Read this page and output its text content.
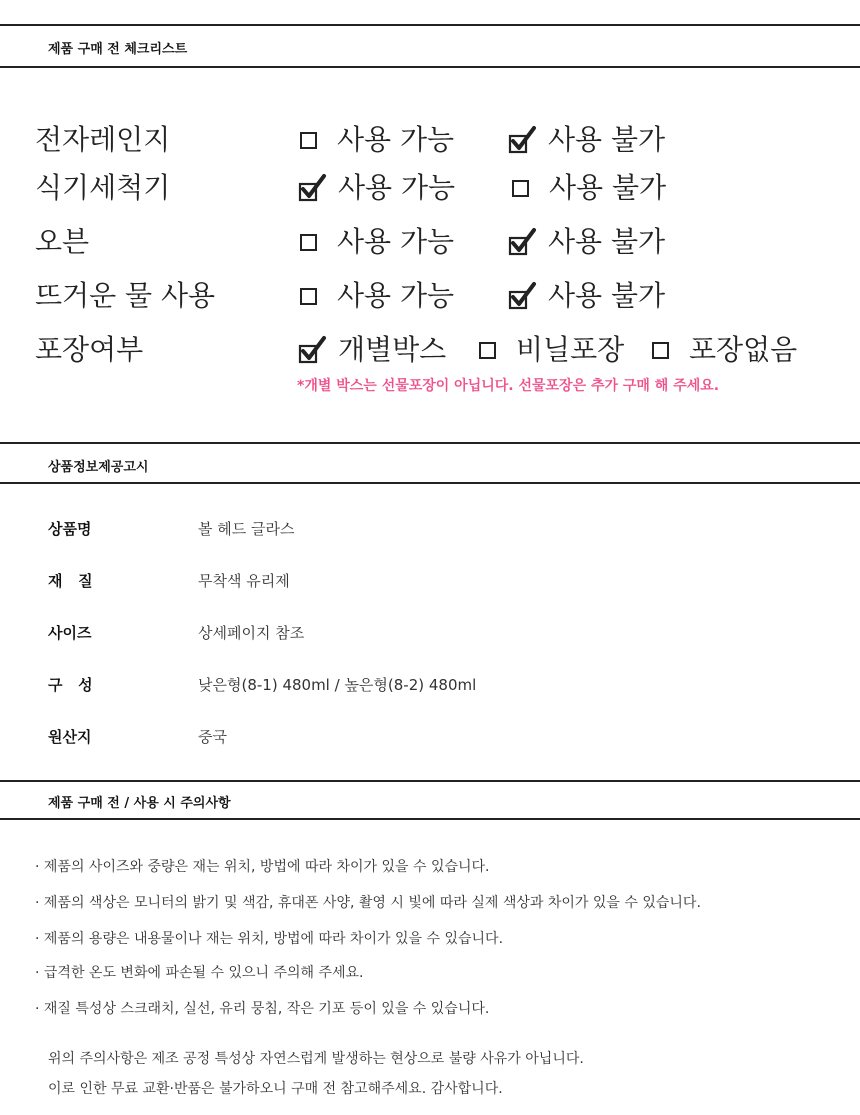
제품 구매 전 체크리스트
전자레인지	사용 가능	사용 불가
식기세척기	사용 가능	사용 불가
오븐	사용 가능	사용 불가
뜨거운 물 사용	사용 가능	사용 불가
포장여부	개별박스 비닐포장 포장없음
*개별 박스는 선물포장이 아닙니다. 선물포장은 추가 구매 해 주세요.
상품정보제공고시
상품명	볼 헤드 글라스
재   질	무착색 유리제
사이즈	상세페이지 참조
구   성	낮은형(8-1) 480ml / 높은형(8-2) 480ml
원산지	중국
제품 구매 전 / 사용 시 주의사항
· 제품의 사이즈와 중량은 재는 위치, 방법에 따라 차이가 있을 수 있습니다.
· 제품의 색상은 모니터의 밝기 및 색감, 휴대폰 사양, 촬영 시 빛에 따라 실제 색상과 차이가 있을 수 있습니다.
· 제품의 용량은 내용물이나 재는 위치, 방법에 따라 차이가 있을 수 있습니다.
· 급격한 온도 변화에 파손될 수 있으니 주의해 주세요.
· 재질 특성상 스크래치, 실선, 유리 뭉침, 작은 기포 등이 있을 수 있습니다.
위의 주의사항은 제조 공정 특성상 자연스럽게 발생하는 현상으로 불량 사유가 아닙니다.
이로 인한 무료 교환·반품은 불가하오니 구매 전 참고해주세요. 감사합니다.
